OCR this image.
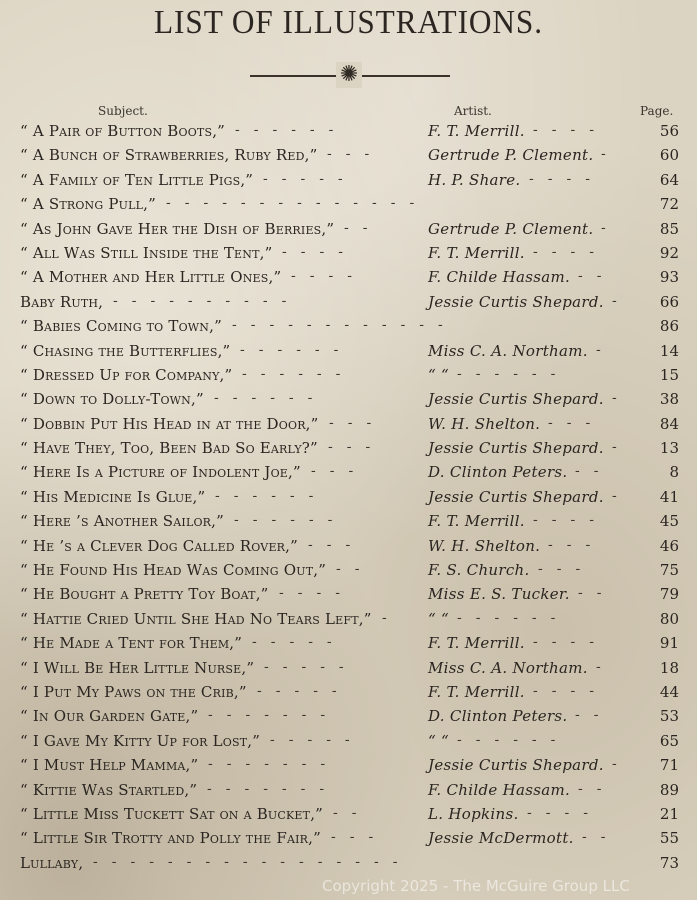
LIST OF ILLUSTRATIONS.
✺
Subject.	Artist.	Page.
“ A Pair of Button Boots,” ------	F. T. Merrill. ----	56
“ A Bunch of Strawberries, Ruby Red,” ---	Gertrude P. Clement. -	60
“ A Family of Ten Little Pigs,” -----	H. P. Share. ----	64
“ A Strong Pull,” --------------	72
“ As John Gave Her the Dish of Berries,” --	Gertrude P. Clement. -	85
“ All Was Still Inside the Tent,” ----	F. T. Merrill. ----	92
“ A Mother and Her Little Ones,” ----	F. Childe Hassam. --	93
Baby Ruth, ----------	Jessie Curtis Shepard. - 66
“ Babies Coming to Town,” ------------	86
“ Chasing the Butterflies,” ------	Miss C. A. Northam. -	14
“ Dressed Up for Company,” ------	“ “ ------	15
“ Down to Dolly-Town,” ------	Jessie Curtis Shepard. - 38
“ Dobbin Put His Head in at the Door,” ---	W. H. Shelton. ---	84
“ Have They, Too, Been Bad So Early?” ---	Jessie Curtis Shepard. - 13
“ Here Is a Picture of Indolent Joe,” ---	D. Clinton Peters. --	8
“ His Medicine Is Glue,” ------	Jessie Curtis Shepard. - 41
“ Here ’s Another Sailor,” ------	F. T. Merrill. ----	45
“ He ’s a Clever Dog Called Rover,” ---	W. H. Shelton. ---	46
“ He Found His Head Was Coming Out,” --	F. S. Church. ---	75
“ He Bought a Pretty Toy Boat,” ----	Miss E. S. Tucker. --	79
“ Hattie Cried Until She Had No Tears Left,” - “ “ ------	80
“ He Made a Tent for Them,” -----	F. T. Merrill. ----	91
“ I Will Be Her Little Nurse,” -----	Miss C. A. Northam. -	18
“ I Put My Paws on the Crib,” -----	F. T. Merrill. ----	44
“ In Our Garden Gate,” -------	D. Clinton Peters. --	53
“ I Gave My Kitty Up for Lost,” -----	“ “ ------	65
“ I Must Help Mamma,” -------	Jessie Curtis Shepard. - 71
“ Kittie Was Startled,” -------	F. Childe Hassam. --	89
“ Little Miss Tuckett Sat on a Bucket,” --	L. Hopkins. ----	21
“ Little Sir Trotty and Polly the Fair,” ---	Jessie McDermott. --	55
Lullaby, -----------------	73
Copyright 2025 - The McGuire Group LLC
